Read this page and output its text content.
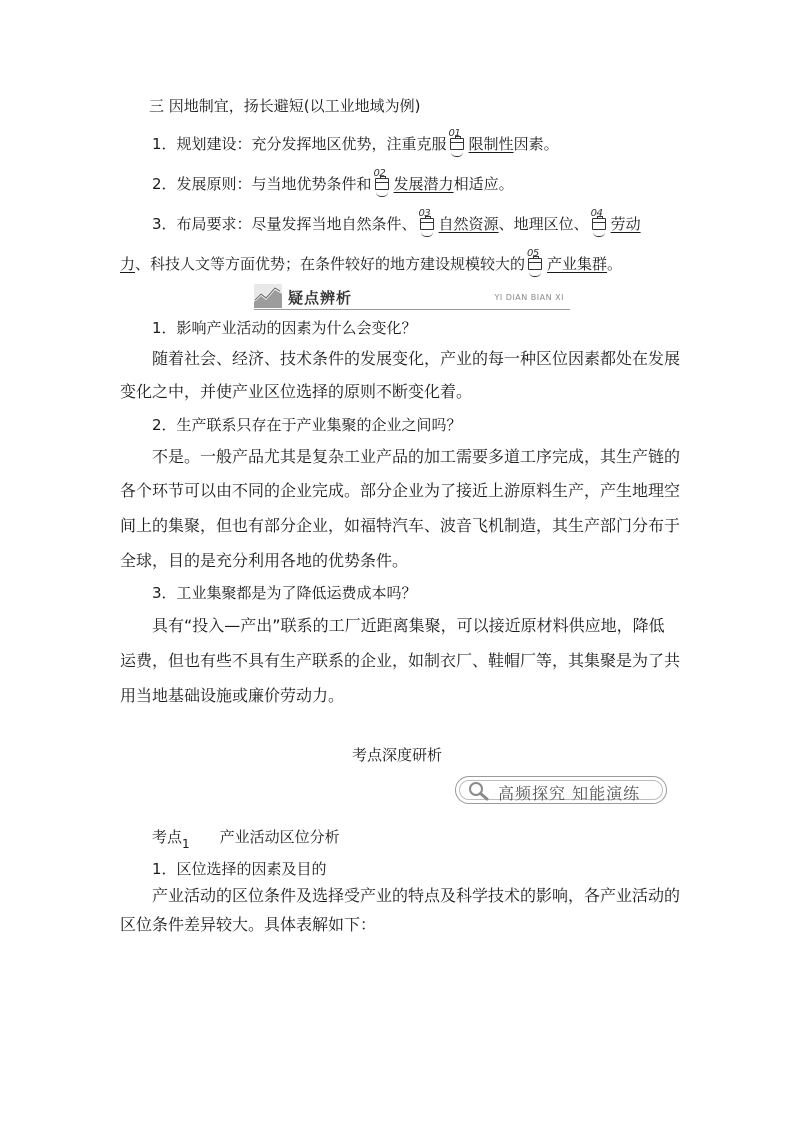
三 因地制宜，扬长避短(以工业地域为例)
1．规划建设：充分发挥地区优势，注重克服
01
限制性因素。
2．发展原则：与当地优势条件和
02
发展潜力相适应。
3．布局要求：尽量发挥当地自然条件、
03
自然资源、地理区位、
04
劳动
力、科技人文等方面优势；在条件较好的地方建设规模较大的
05
产业集群。
疑点辨析	YI DIAN BIAN XI
1．影响产业活动的因素为什么会变化？
随着社会、经济、技术条件的发展变化，产业的每一种区位因素都处在发展
变化之中，并使产业区位选择的原则不断变化着。
2．生产联系只存在于产业集聚的企业之间吗？
不是。一般产品尤其是复杂工业产品的加工需要多道工序完成，其生产链的
各个环节可以由不同的企业完成。部分企业为了接近上游原料生产，产生地理空
间上的集聚，但也有部分企业，如福特汽车、波音飞机制造，其生产部门分布于
全球，目的是充分利用各地的优势条件。
3．工业集聚都是为了降低运费成本吗？
具有“投入—产出”联系的工厂近距离集聚，可以接近原材料供应地，降低
运费，但也有些不具有生产联系的企业，如制衣厂、鞋帽厂等，其集聚是为了共
用当地基础设施或廉价劳动力。
考点深度研析
高频探究 知能演练
考点$_1$ 产业活动区位分析
1．区位选择的因素及目的
产业活动的区位条件及选择受产业的特点及科学技术的影响，各产业活动的
区位条件差异较大。具体表解如下：
